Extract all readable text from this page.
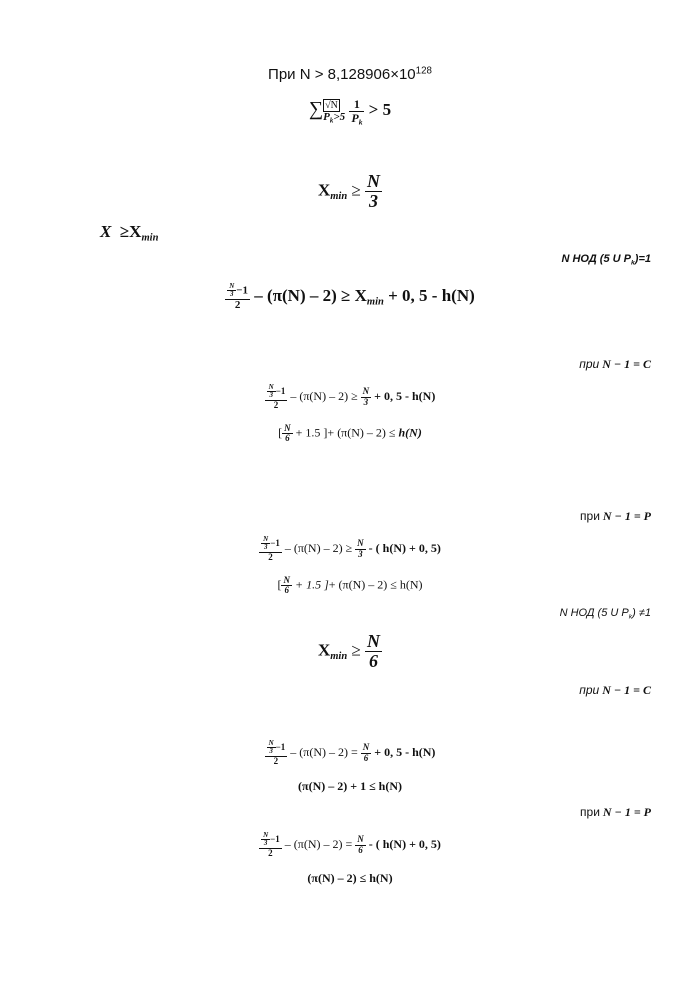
При $N > 8,128906\times 10^{128}$
∑ √N
$P_k>5$
$\frac{1}{P_k} > 5$
$X_{min} \ge \frac{N}{3}$
$X \ge X_{min}$
N НОД (5 U $P_k)=1$
$\frac{\frac{N}{3} -1}{2} - (\pi(N) - 2) \ge X_{min} + 0$, 5 - h(N)
при N − 1 = C
$\frac{\frac{N}{3} -1}{2} - (\pi(N) - 2) \ge \frac{N}{3} + 0$, 5 - h(N)
[ $\frac{N}{6} + 1.5$ ]+ (π(N) – 2) ≤ h(N)
при N − 1 = P
$\frac{\frac{N}{3} -1}{2} - (\pi(N) - 2) \ge \frac{N}{3}$ - ( h(N) + 0, 5)
[ $\frac{N}{6} + 1.5$ ]+ (π(N) – 2) ≤ h(N)
N НОД (5 U $P_k) \ne 1$
$X_{min} \ge \frac{N}{6}$
при N − 1 = C
$\frac{\frac{N}{3} -1}{2} - (\pi(N) - 2) = \frac{N}{6} + 0$, 5 - h(N)
(π(N) – 2) + 1 ≤ h(N)
при N − 1 = P
$\frac{\frac{N}{3} -1}{2} - (\pi(N) - 2) = \frac{N}{6}$ - ( h(N) + 0, 5)
(π(N) – 2) ≤ h(N)
